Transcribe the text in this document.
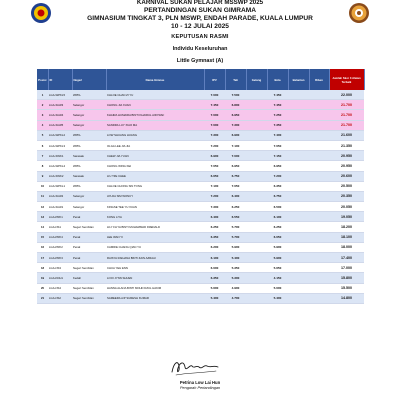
KARNIVAL SUKAN PELAJAR MSSWP 2025
PERTANDINGAN SUKAN GIMRAMA
GIMNASIUM TINGKAT 3, PLN MSWP, ENDAH PARADE, KUALA LUMPUR
10 - 12 JULAI 2025
KEPUTUSAN RASMI
Individu Keseluruhan
Little Gymnast (A)
Posisi	ID	Negeri	Nama Gimnas	IPV	Tali	Gelang	Bola	Belantan	Riben	Jumlah Skor 3 Alatan Terbaik
1	LGA-WPKL5	WPKL	CHLOE CHAN ZI YU	7.000	7.500		7.450			22.000
2	LGA-SGR3	Selangor	CHONG JIA XUAN	7.450	6.800		7.450			21.700
3	LGA-SGR4	Selangor	KHAIRA HUMAIRA BINTI KHAIRUL AIDYRAF	7.000	6.950		7.250			21.700
4	LGA-SGR5	Selangor	SANDRA LUY XIAO MA	7.000	7.300		7.350			21.700
5	LGA-WPKL2	WPKL	LOW SHUANG HUANG	7.300	6.900		7.400			21.600
6	LGA-WPKL3	WPKL	OLGA LEE JIA JIA	7.200	7.100		7.050			21.350
7	LGA-SWK1	Sarawak	CHEW JIA YUAN	6.900	7.000		7.150			20.950
8	LGA-WPKL4	WPKL	CHONG WING KEI	7.050	6.950		6.950			20.950
9	LGA-SWK2	Sarawak	LIU TZE CHEE	6.650	6.750		7.200			20.600
10	LGA-WPKL1	WPKL	CHLOE CHONG SIN TONG	7.100	7.050		6.350			20.500
11	LGA-SGR2	Selangor	AYLDA SIM WONCY	7.200	6.400		6.750			20.350
12	LGA-SGR1	Selangor	KINGSE TEE YU XUAN	7.300	6.250		6.500			20.050
13	LGA-PRK1	Perak	KONG LIYA	6.400	6.550		6.100			19.050
14	LGA-NS1	Negeri Sembilan	LILY FLIYA BINTI MUHAMMAD FREDALD	6.250	5.700		6.250			18.200
15	LGA-PRK4	Perak	LEE WAN YI	6.350	5.700		6.050			18.100
16	LGA-PRK2	Perak	CAMRIE CHANG QIAN YU	6.200	5.900		5.900			18.000
17	LGA-PRK3	Perak	RAISYA RAIHANA BINTI ZAIN AZRAAI	6.100	5.400		5.900			17.400
18	LGA-NS3	Negeri Sembilan	CHUA YEH ENN	6.000	5.350		5.650			17.000
19	LGA-KDH1	Kedah	LOOI JYNN SHUEN	6.350	5.300		4.150			15.800
20	LGA-NS4	Negeri Sembilan	HANNA ALANA BINTI MOHD DZUL HAKIM	5.600	4.900		5.000			15.500
21	LGA-NS2	Negeri Sembilan	SAMEERA A/P SURESH KUMAR	5.400	4.700		5.400			14.800
Petrina Low Lai Hun
Pengarah Pertandingan
